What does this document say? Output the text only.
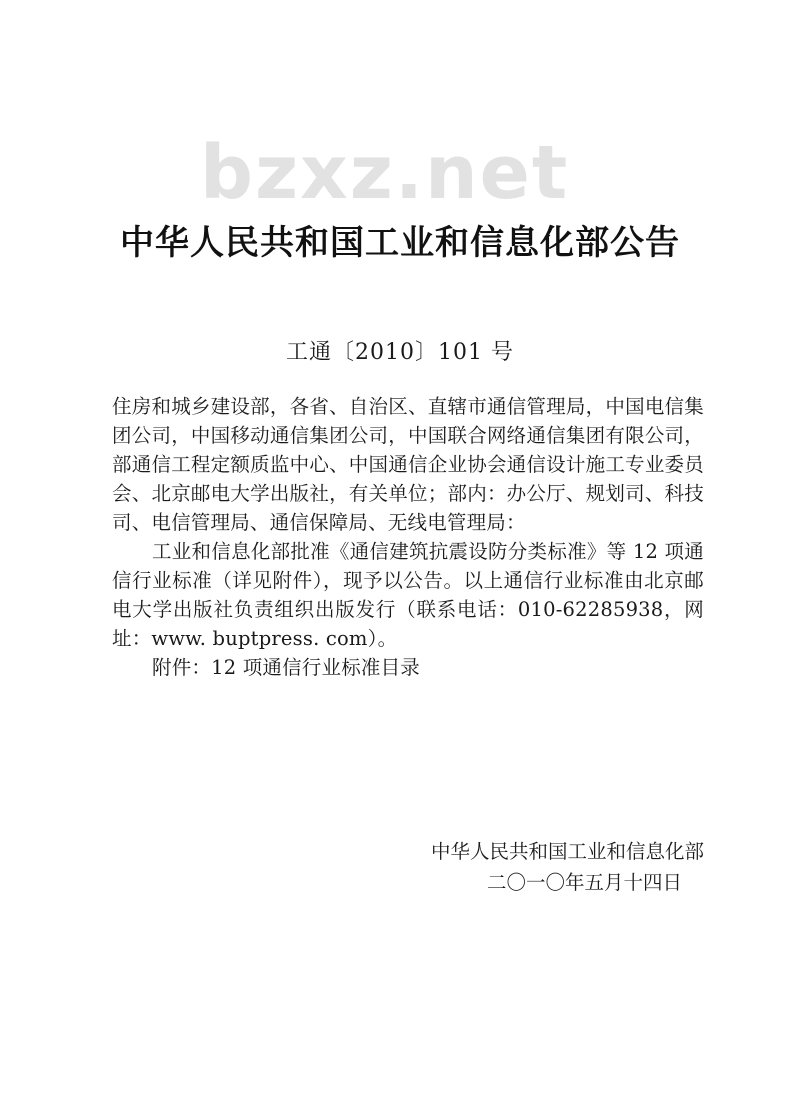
bzxz.net
中华人民共和国工业和信息化部公告
工通〔2010〕101 号

住房和城乡建设部，各省、自治区、直辖市通信管理局，中国电信集团公司，中国移动通信集团公司，中国联合网络通信集团有限公司，部通信工程定额质监中心、中国通信企业协会通信设计施工专业委员会、北京邮电大学出版社，有关单位；部内：办公厅、规划司、科技司、电信管理局、通信保障局、无线电管理局：

工业和信息化部批准《通信建筑抗震设防分类标准》等 12 项通信行业标准（详见附件），现予以公告。以上通信行业标准由北京邮电大学出版社负责组织出版发行（联系电话：010-62285938，网址：www. buptpress. com）。

附件：12 项通信行业标准目录

中华人民共和国工业和信息化部
二〇一〇年五月十四日
